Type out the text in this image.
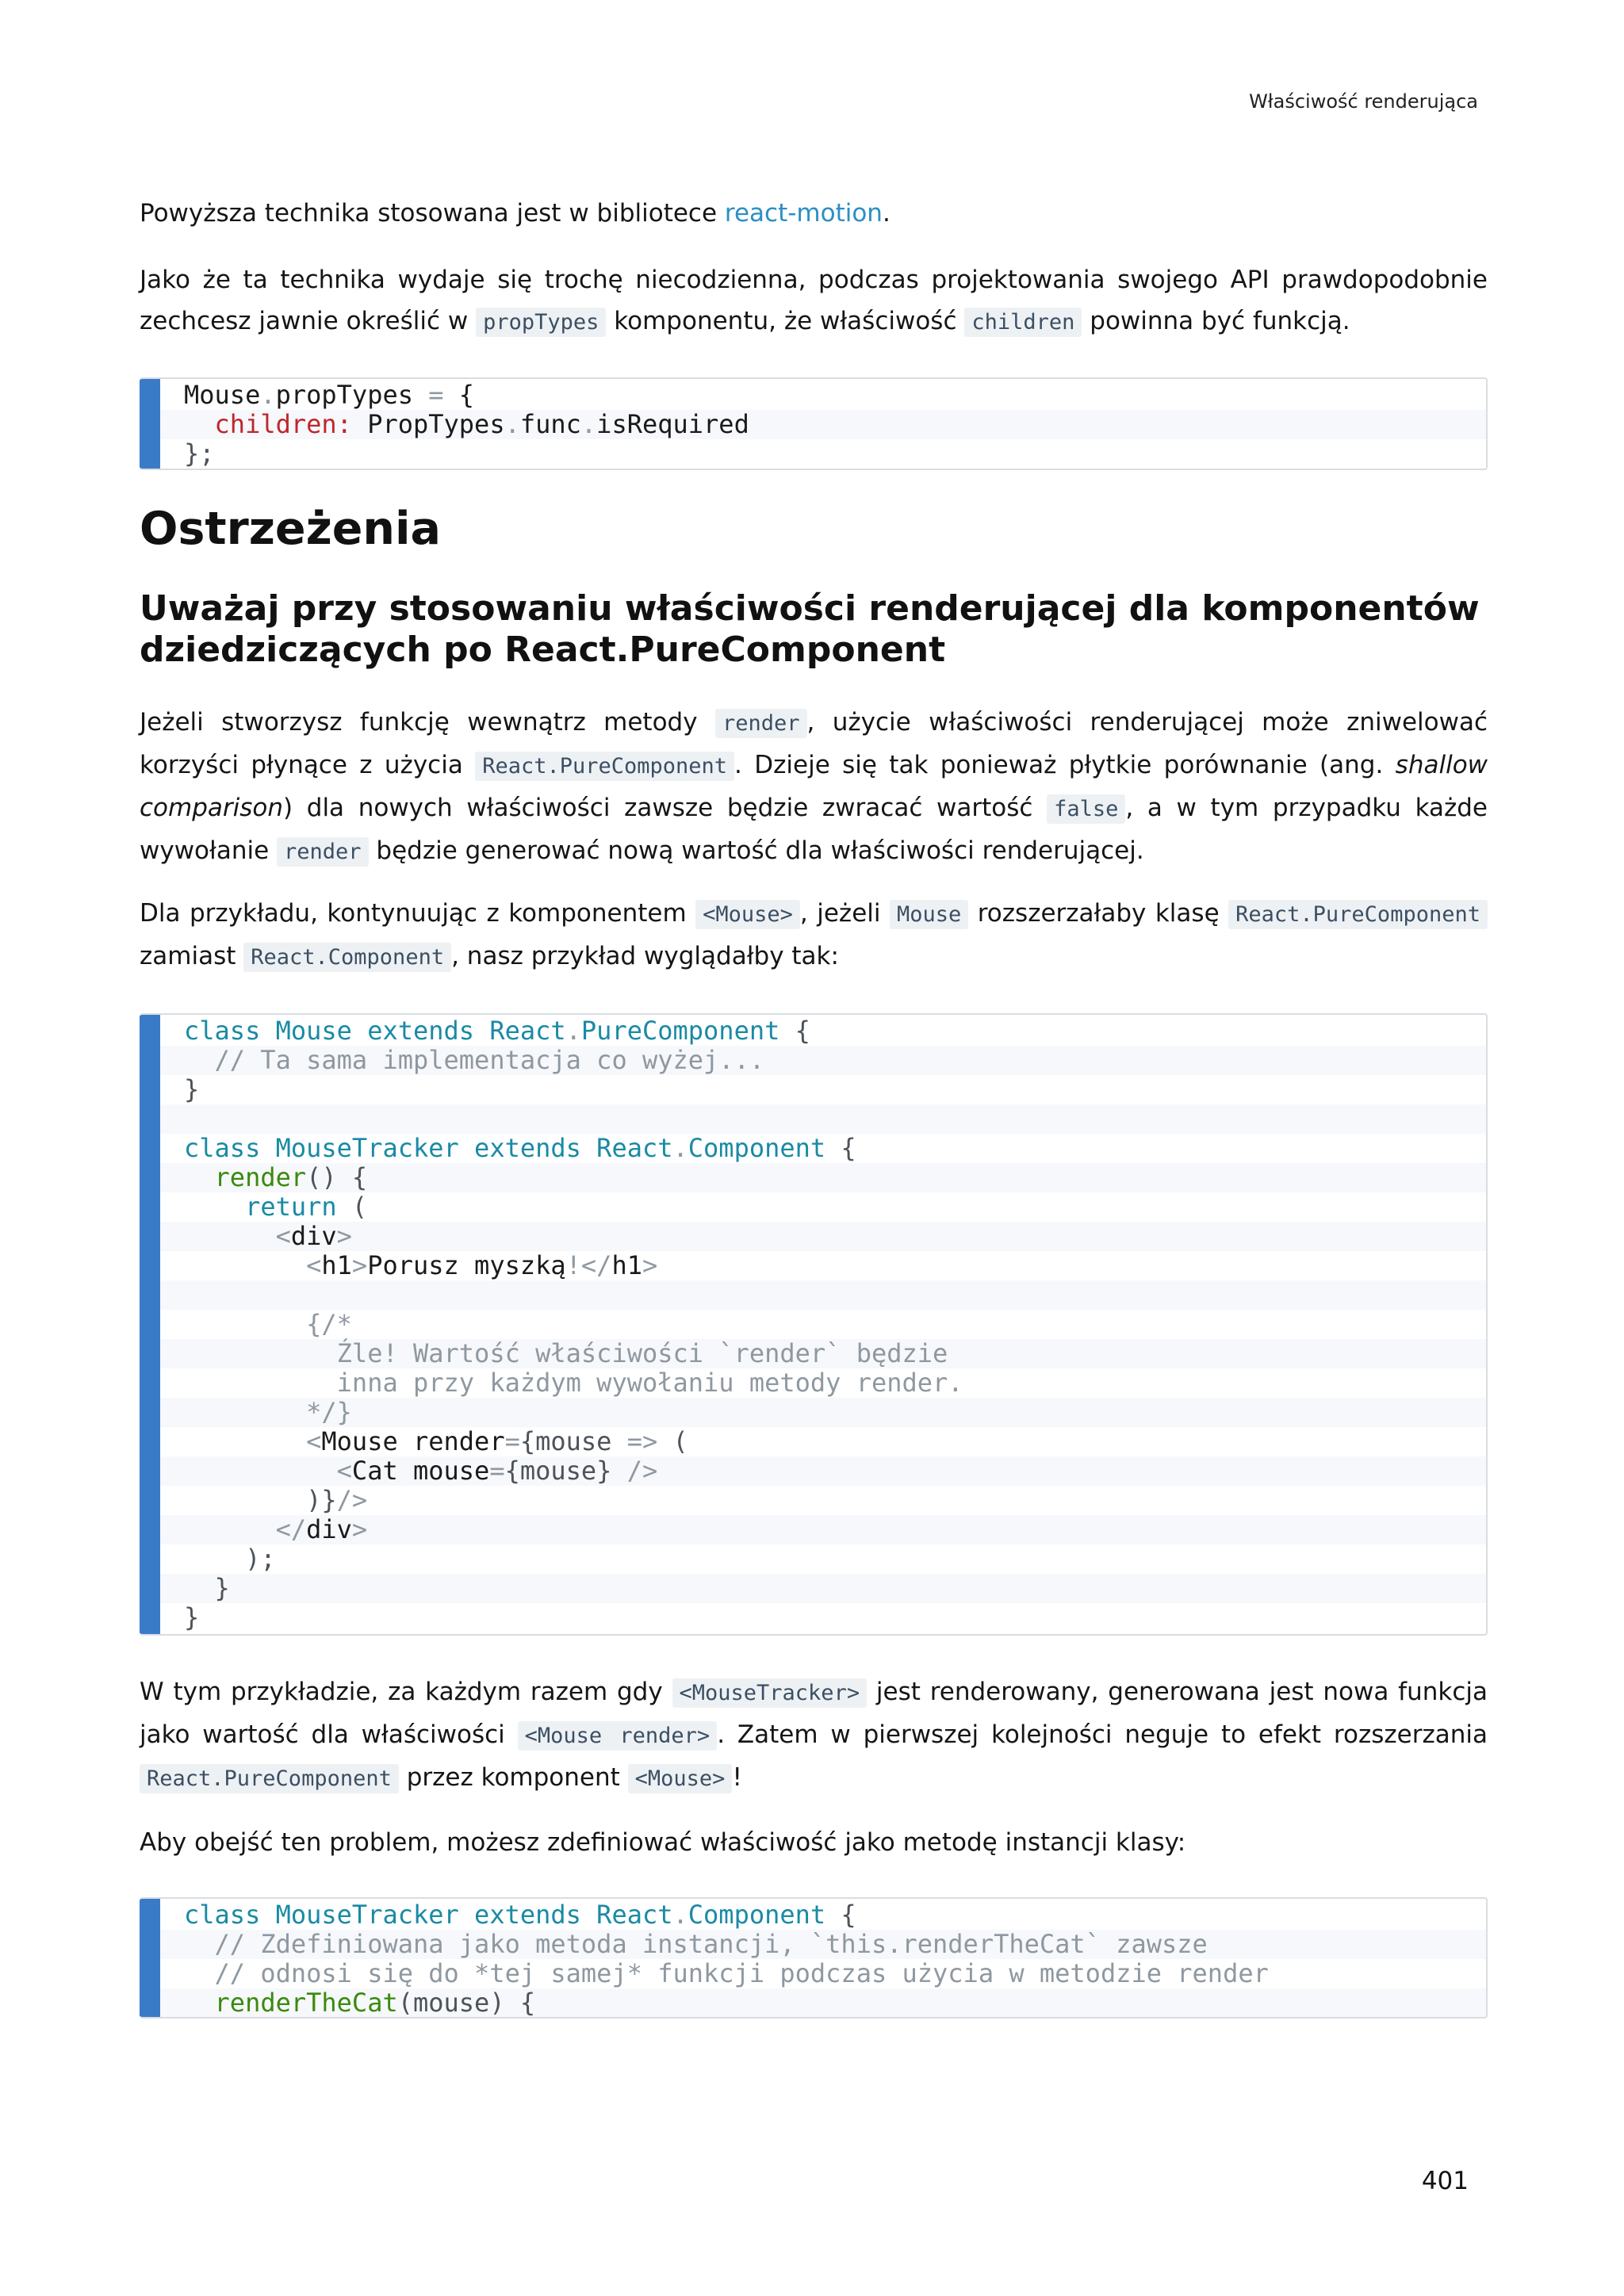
Właściwość renderująca

Powyższa technika stosowana jest w bibliotece react-motion.

Jako że ta technika wydaje się trochę niecodzienna, podczas projektowania swojego API prawdopodobnie zechcesz jawnie określić w propTypes komponentu, że właściwość children powinna być funkcją.

Mouse.propTypes = {
children: PropTypes.func.isRequired
};
Ostrzeżenia
Uważaj przy stosowaniu właściwości renderującej dla komponentów dziedziczących po React.PureComponent

Jeżeli stworzysz funkcję wewnątrz metody render , użycie właściwości renderującej może zniwelować korzyści płynące z użycia React.PureComponent . Dzieje się tak ponieważ płytkie porównanie (ang. shallow comparison) dla nowych właściwości zawsze będzie zwracać wartość false , a w tym przypadku każde wywołanie render będzie generować nową wartość dla właściwości renderującej.

Dla przykładu, kontynuując z komponentem <Mouse> , jeżeli Mouse rozszerzałaby klasę React.PureComponent zamiast React.Component , nasz przykład wyglądałby tak:

class Mouse extends React.PureComponent {
// Ta sama implementacja co wyżej...
}
class MouseTracker extends React.Component {
render() {
return (
<div>
<h1>Porusz myszką!</h1>
{/*
Źle! Wartość właściwości `render` będzie
inna przy każdym wywołaniu metody render.
*/}
<Mouse render={mouse => (
<Cat mouse={mouse} />
)}/>
</div>
);
}
}

W tym przykładzie, za każdym razem gdy <MouseTracker> jest renderowany, generowana jest nowa funkcja jako wartość dla właściwości <Mouse render> . Zatem w pierwszej kolejności neguje to efekt rozszerzania React.PureComponent przez komponent <Mouse> !

Aby obejść ten problem, możesz zdefiniować właściwość jako metodę instancji klasy:

class MouseTracker extends React.Component {
// Zdefiniowana jako metoda instancji, `this.renderTheCat` zawsze
// odnosi się do *tej samej* funkcji podczas użycia w metodzie render
renderTheCat(mouse) {
401
